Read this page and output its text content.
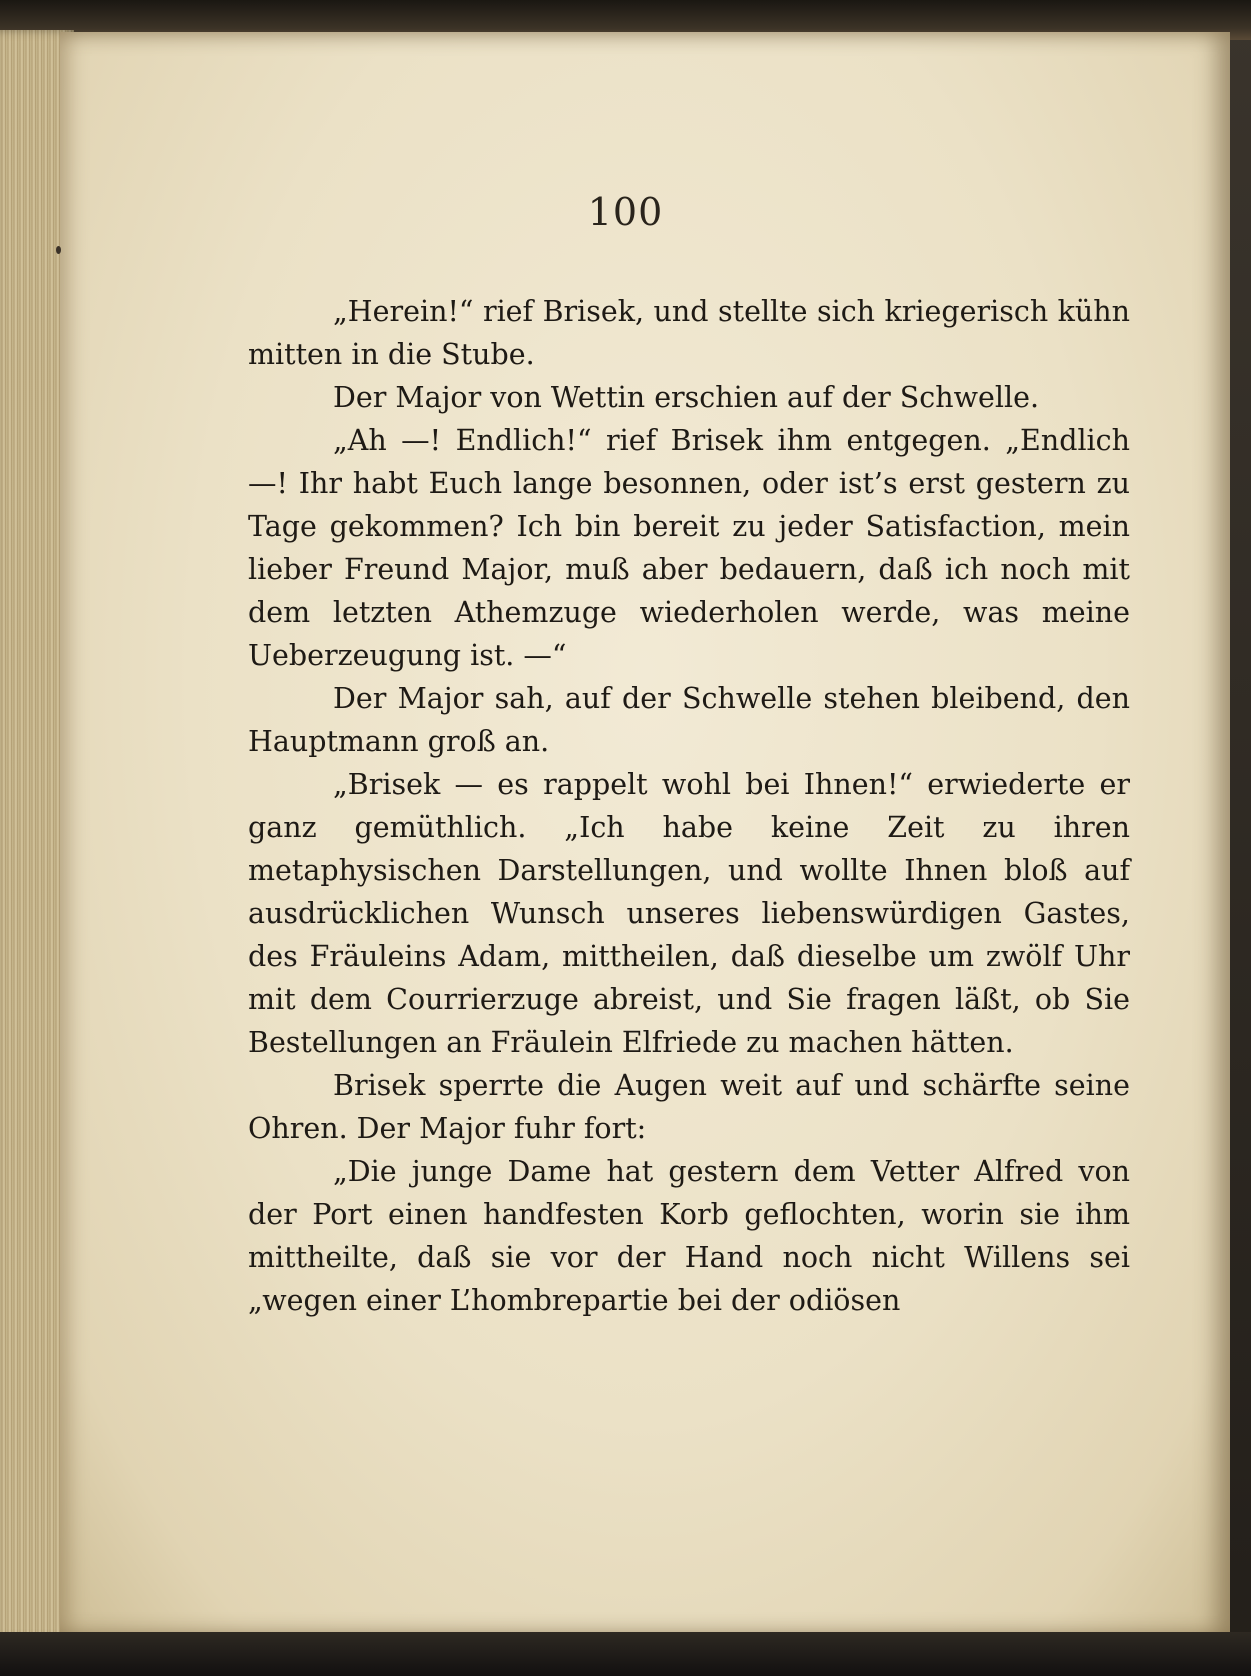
100

„Herein!“ rief Brisek, und stellte sich kriegerisch kühn mitten in die Stube.

Der Major von Wettin erschien auf der Schwelle.

„Ah —! Endlich!“ rief Brisek ihm entgegen. „Endlich —! Ihr habt Euch lange besonnen, oder ist’s erst gestern zu Tage gekommen? Ich bin bereit zu jeder Satisfaction, mein lieber Freund Major, muß aber bedauern, daß ich noch mit dem letzten Athemzuge wiederholen werde, was meine Ueberzeugung ist. —“

Der Major sah, auf der Schwelle stehen bleibend, den Hauptmann groß an.

„Brisek — es rappelt wohl bei Ihnen!“ erwiederte er ganz gemüthlich. „Ich habe keine Zeit zu ihren metaphysischen Darstellungen, und wollte Ihnen bloß auf ausdrücklichen Wunsch unseres liebenswürdigen Gastes, des Fräuleins Adam, mittheilen, daß dieselbe um zwölf Uhr mit dem Courrierzuge abreist, und Sie fragen läßt, ob Sie Bestellungen an Fräulein Elfriede zu machen hätten.

Brisek sperrte die Augen weit auf und schärfte seine Ohren. Der Major fuhr fort:

„Die junge Dame hat gestern dem Vetter Alfred von der Port einen handfesten Korb geflochten, worin sie ihm mittheilte, daß sie vor der Hand noch nicht Willens sei „wegen einer L’hombrepartie bei der odiösen
